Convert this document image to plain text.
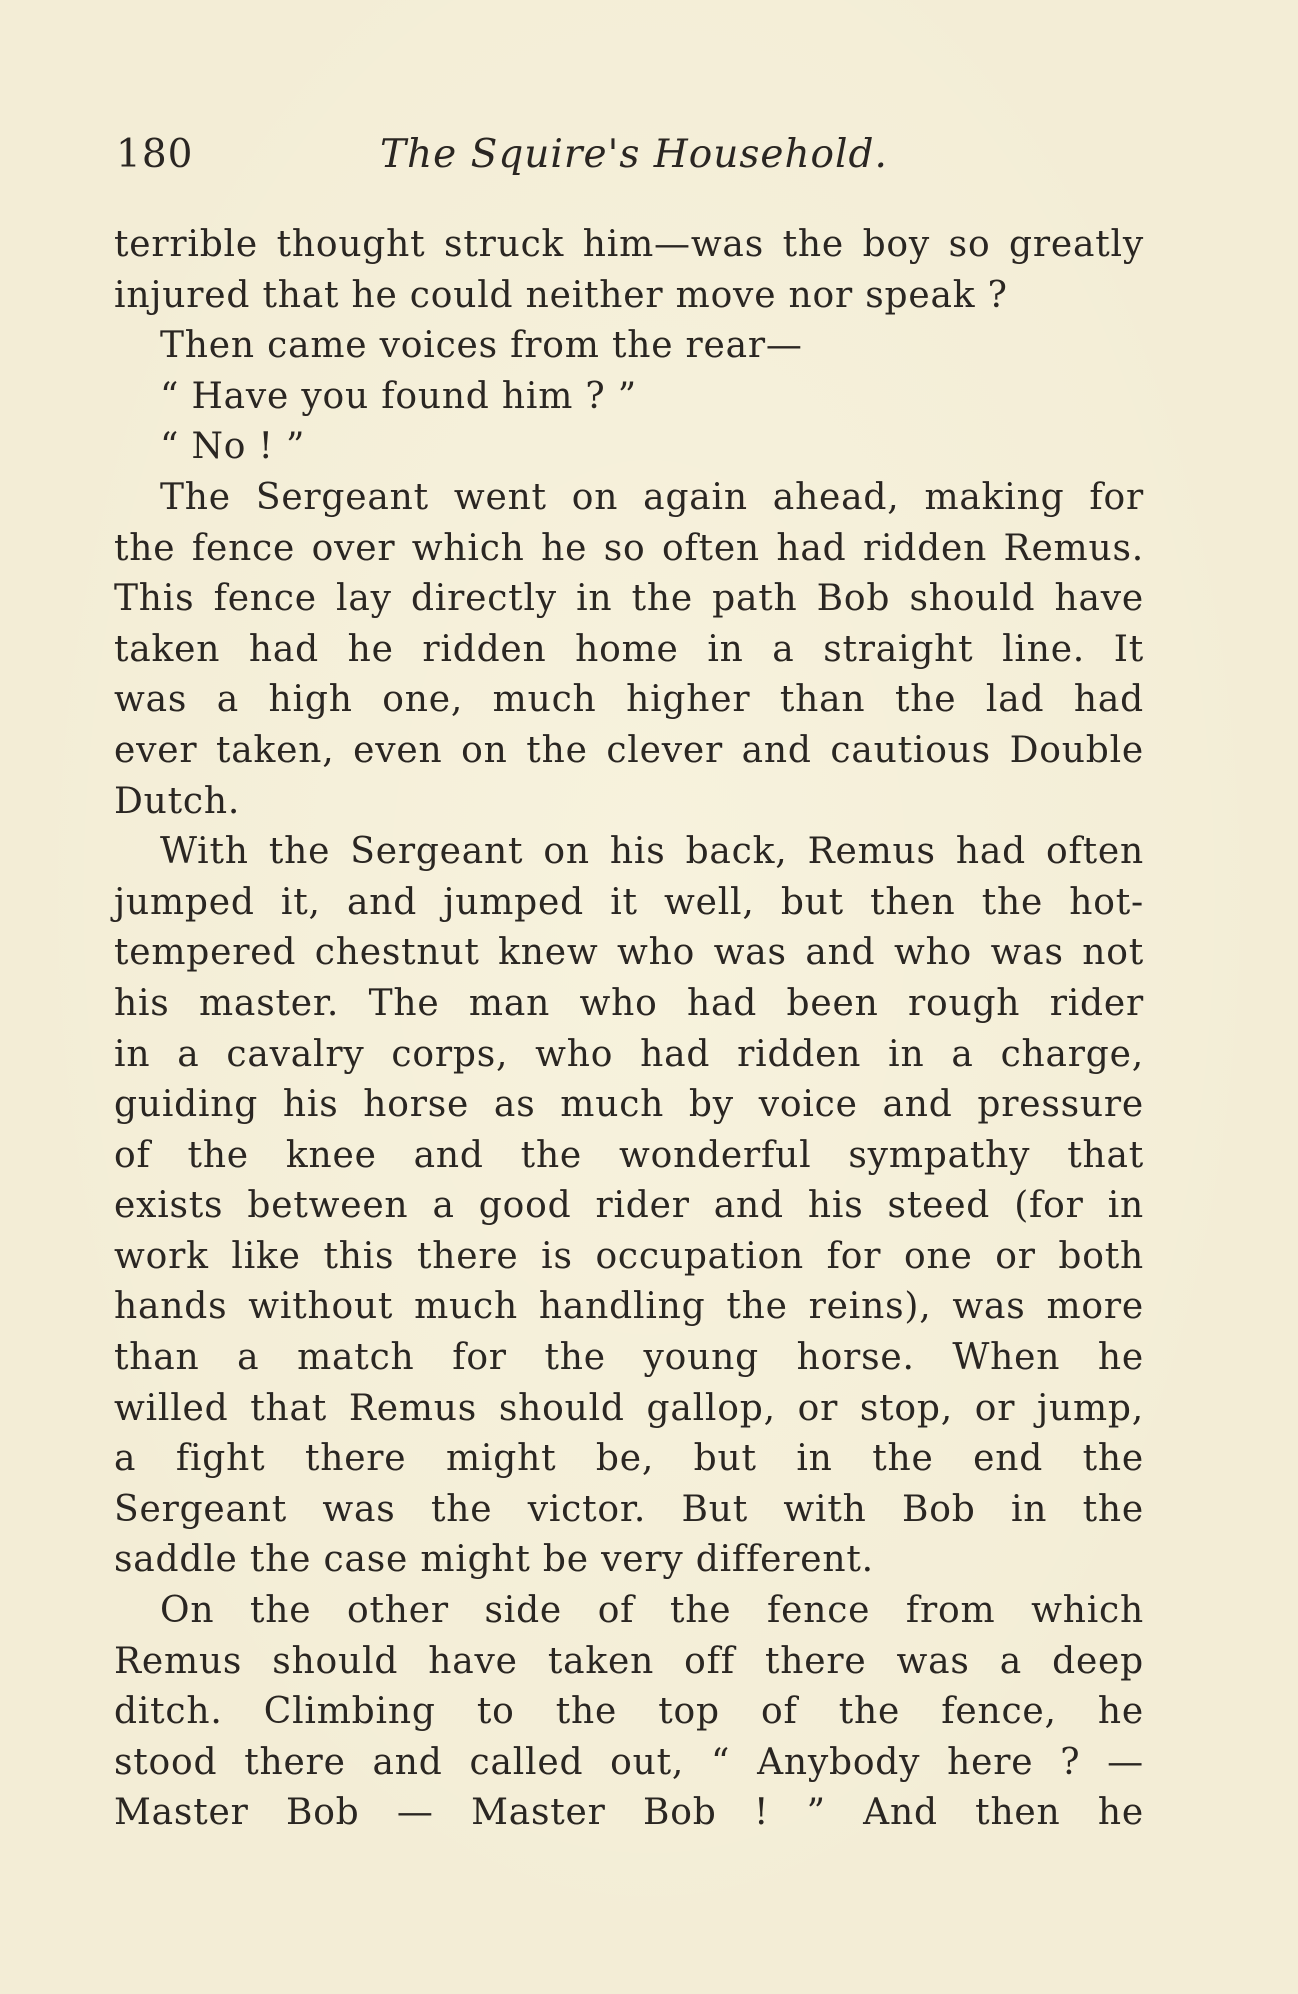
180	The Squire's Household.
terrible thought struck him—was the boy so greatly
injured that he could neither move nor speak ?
Then came voices from the rear—
“ Have you found him ? ”
“ No ! ”
The Sergeant went on again ahead, making for
the fence over which he so often had ridden Remus.
This fence lay directly in the path Bob should have
taken had he ridden home in a straight line. It
was a high one, much higher than the lad had
ever taken, even on the clever and cautious Double
Dutch.
With the Sergeant on his back, Remus had often
jumped it, and jumped it well, but then the hot-
tempered chestnut knew who was and who was not
his master. The man who had been rough rider
in a cavalry corps, who had ridden in a charge,
guiding his horse as much by voice and pressure
of the knee and the wonderful sympathy that
exists between a good rider and his steed (for in
work like this there is occupation for one or both
hands without much handling the reins), was more
than a match for the young horse. When he
willed that Remus should gallop, or stop, or jump,
a fight there might be, but in the end the
Sergeant was the victor. But with Bob in the
saddle the case might be very different.
On the other side of the fence from which
Remus should have taken off there was a deep
ditch. Climbing to the top of the fence, he
stood there and called out, “ Anybody here ? —
Master Bob — Master Bob ! ” And then he
